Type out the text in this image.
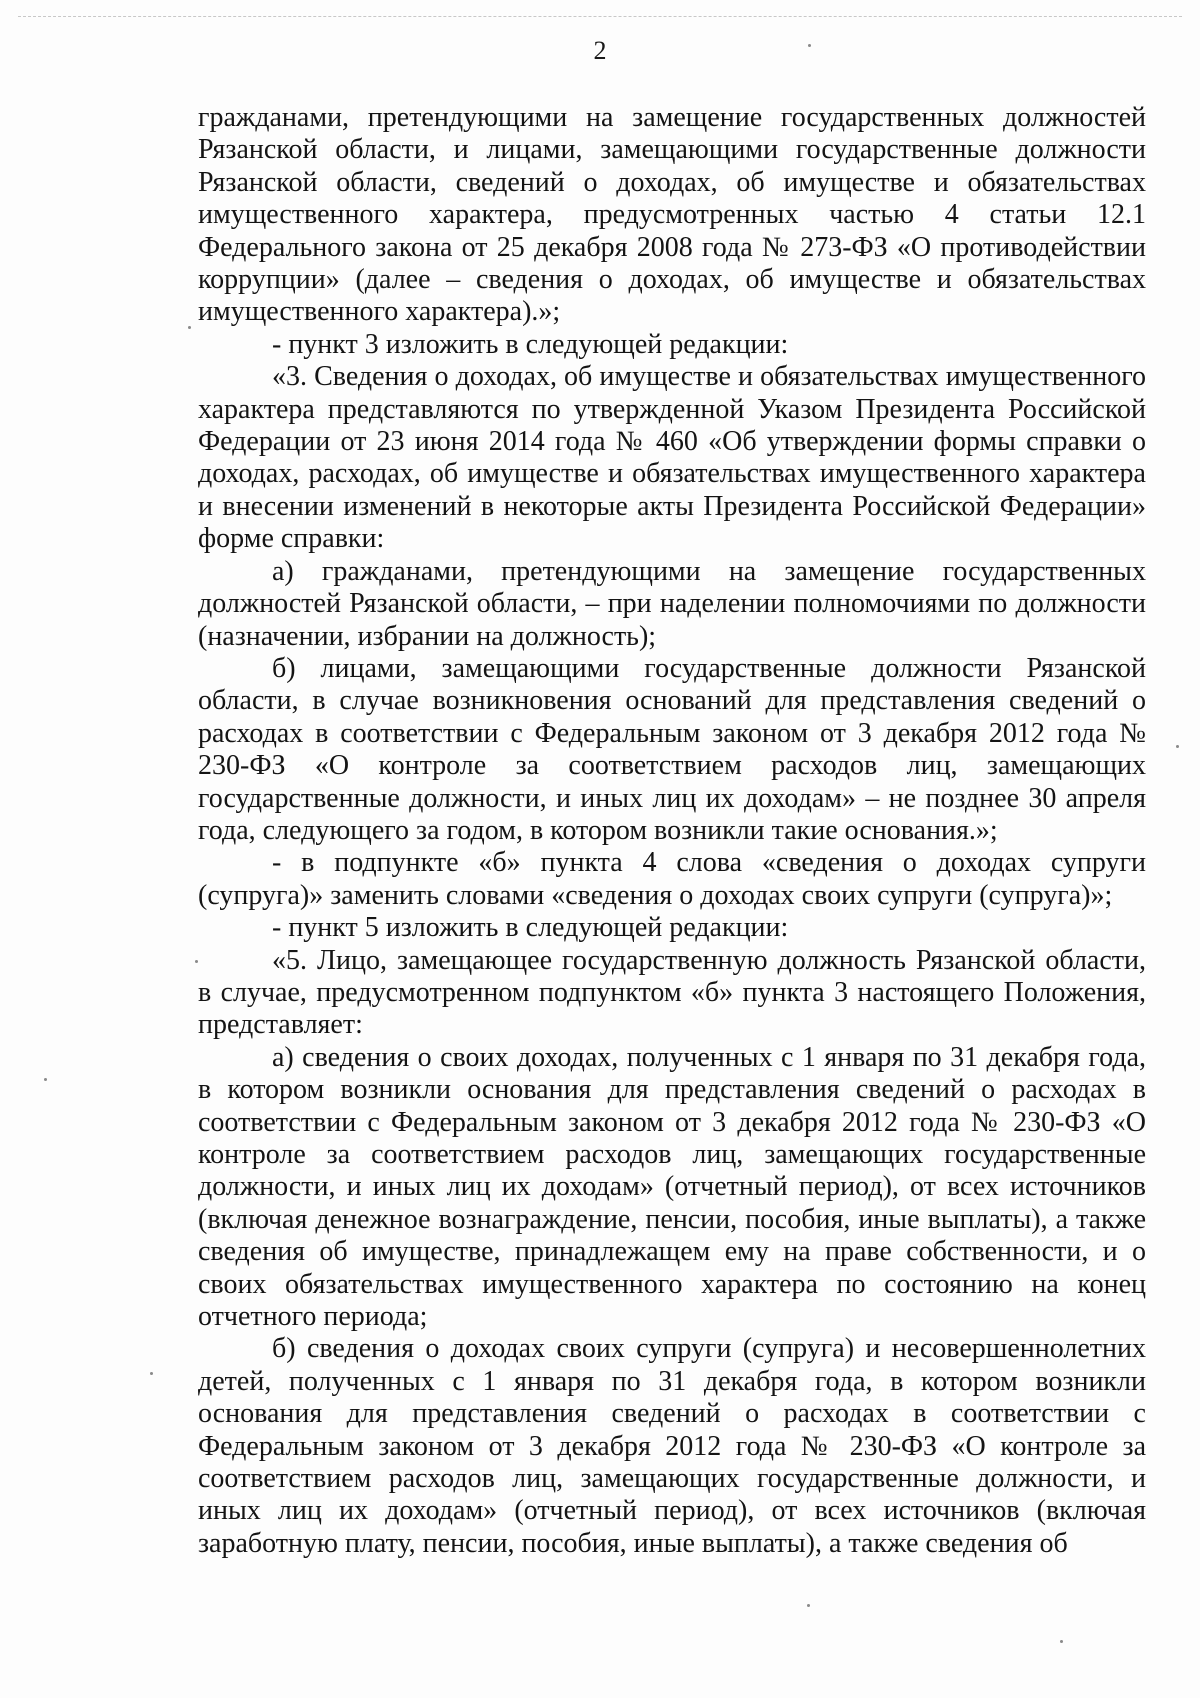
2

гражданами, претендующими на замещение государственных должностей Рязанской области, и лицами, замещающими государственные должности Рязанской области, сведений о доходах, об имуществе и обязательствах имущественного характера, предусмотренных частью 4 статьи 12.1 Федерального закона от 25 декабря 2008 года № 273-ФЗ «О противодействии коррупции» (далее – сведения о доходах, об имуществе и обязательствах имущественного характера).»;

- пункт 3 изложить в следующей редакции:

«3. Сведения о доходах, об имуществе и обязательствах имущественного характера представляются по утвержденной Указом Президента Российской Федерации от 23 июня 2014 года № 460 «Об утверждении формы справки о доходах, расходах, об имуществе и обязательствах имущественного характера и внесении изменений в некоторые акты Президента Российской Федерации» форме справки:

а) гражданами, претендующими на замещение государственных должностей Рязанской области, – при наделении полномочиями по должности (назначении, избрании на должность);

б) лицами, замещающими государственные должности Рязанской области, в случае возникновения оснований для представления сведений о расходах в соответствии с Федеральным законом от 3 декабря 2012 года № 230-ФЗ «О контроле за соответствием расходов лиц, замещающих государственные должности, и иных лиц их доходам» – не позднее 30 апреля года, следующего за годом, в котором возникли такие основания.»;

- в подпункте «б» пункта 4 слова «сведения о доходах супруги (супруга)» заменить словами «сведения о доходах своих супруги (супруга)»;

- пункт 5 изложить в следующей редакции:

«5. Лицо, замещающее государственную должность Рязанской области, в случае, предусмотренном подпунктом «б» пункта 3 настоящего Положения, представляет:

а) сведения о своих доходах, полученных с 1 января по 31 декабря года, в котором возникли основания для представления сведений о расходах в соответствии с Федеральным законом от 3 декабря 2012 года № 230-ФЗ «О контроле за соответствием расходов лиц, замещающих государственные должности, и иных лиц их доходам» (отчетный период), от всех источников (включая денежное вознаграждение, пенсии, пособия, иные выплаты), а также сведения об имуществе, принадлежащем ему на праве собственности, и о своих обязательствах имущественного характера по состоянию на конец отчетного периода;

б) сведения о доходах своих супруги (супруга) и несовершеннолетних детей, полученных с 1 января по 31 декабря года, в котором возникли основания для представления сведений о расходах в соответствии с Федеральным законом от 3 декабря 2012 года № 230-ФЗ «О контроле за соответствием расходов лиц, замещающих государственные должности, и иных лиц их доходам» (отчетный период), от всех источников (включая заработную плату, пенсии, пособия, иные выплаты), а также сведения об
